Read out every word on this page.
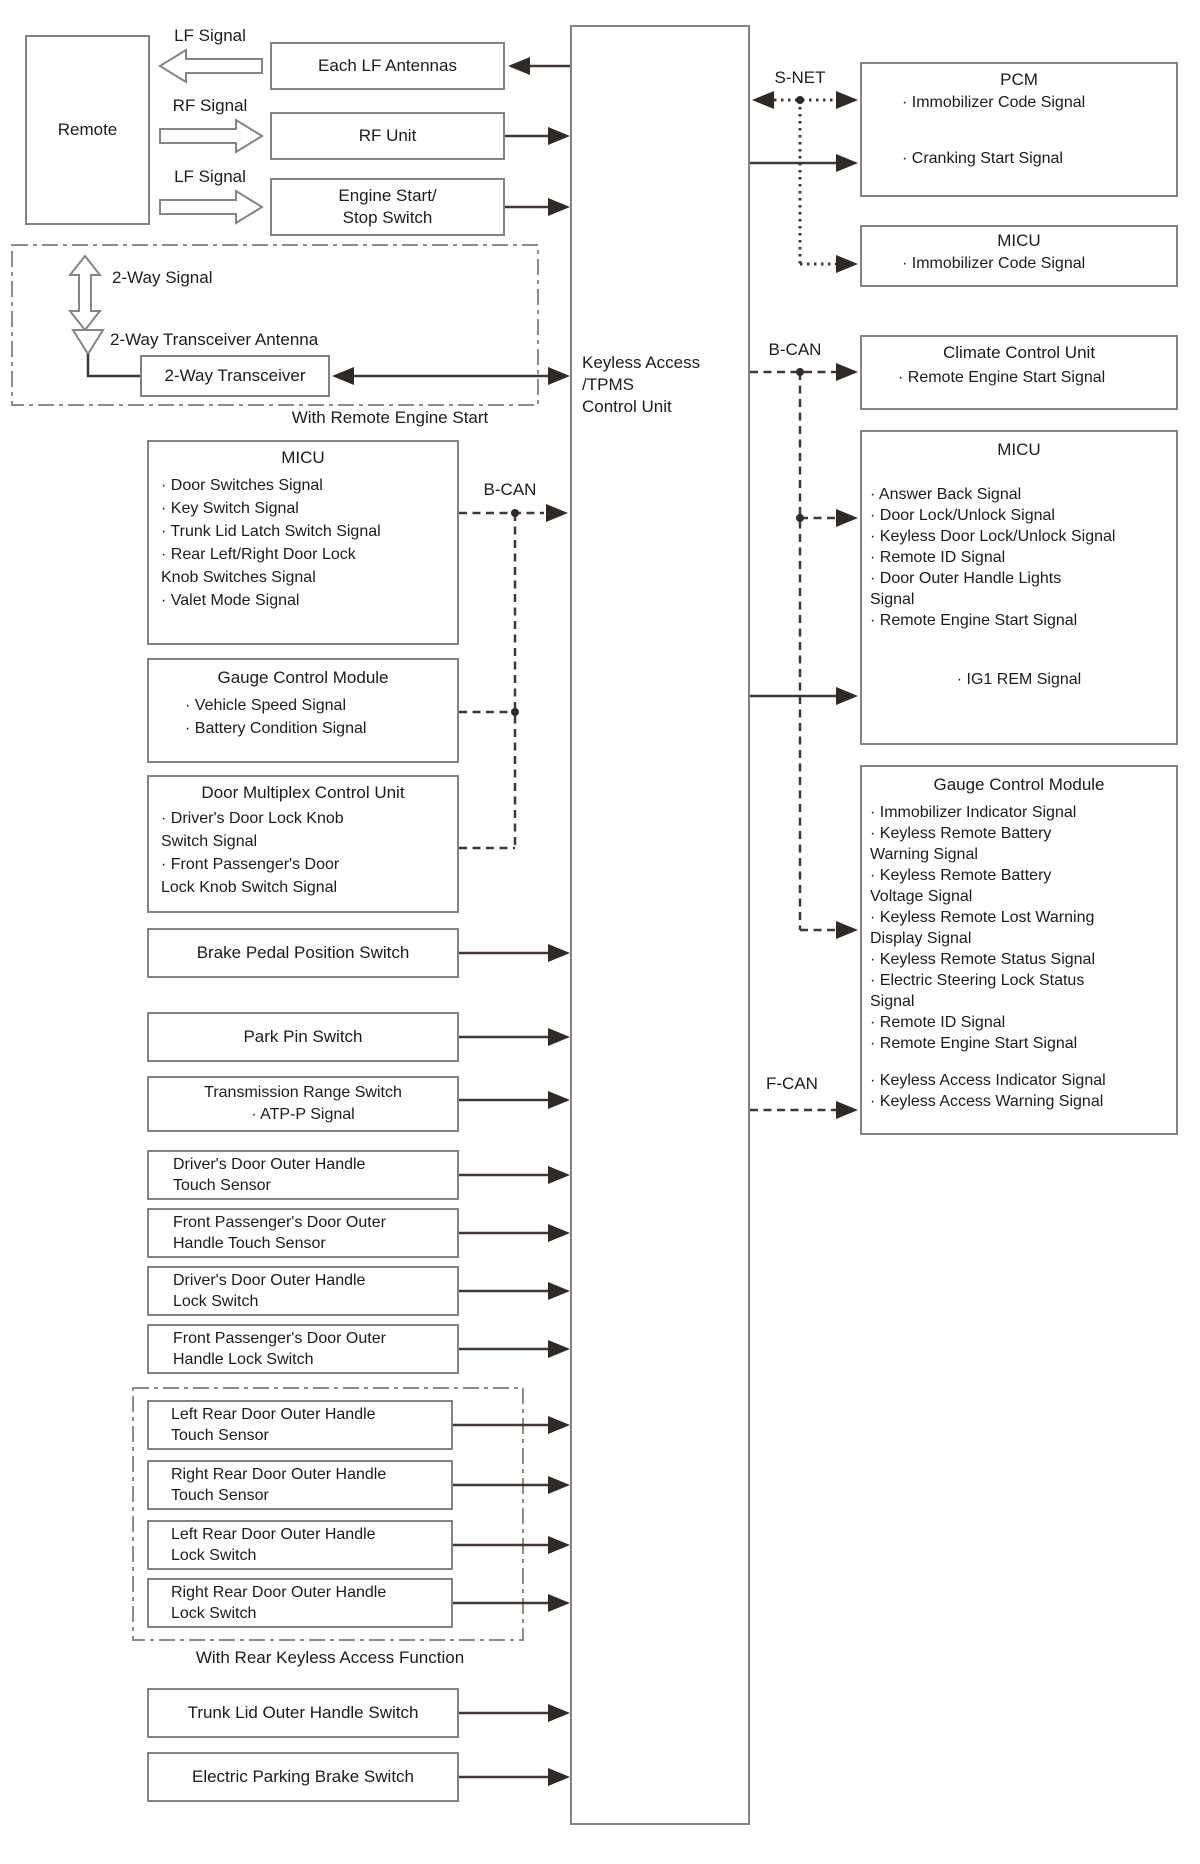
Keyless Access
/TPMS
Control Unit
Remote
LF Signal
RF Signal
LF Signal
Each LF Antennas
RF Unit
Engine Start/
Stop Switch
2-Way Signal
2-Way Transceiver Antenna
2-Way Transceiver
With Remote Engine Start
MICU
· Door Switches Signal
· Key Switch Signal
· Trunk Lid Latch Switch Signal
· Rear Left/Right Door Lock
Knob Switches Signal
· Valet Mode Signal
B-CAN
Gauge Control Module
· Vehicle Speed Signal
· Battery Condition Signal
Door Multiplex Control Unit
· Driver's Door Lock Knob
Switch Signal
· Front Passenger's Door
Lock Knob Switch Signal
Brake Pedal Position Switch
Park Pin Switch
Transmission Range Switch
· ATP-P Signal
Driver's Door Outer Handle
Touch Sensor
Front Passenger's Door Outer
Handle Touch Sensor
Driver's Door Outer Handle
Lock Switch
Front Passenger's Door Outer
Handle Lock Switch
Left Rear Door Outer Handle
Touch Sensor
Right Rear Door Outer Handle
Touch Sensor
Left Rear Door Outer Handle
Lock Switch
Right Rear Door Outer Handle
Lock Switch
With Rear Keyless Access Function
Trunk Lid Outer Handle Switch
Electric Parking Brake Switch
S-NET
B-CAN
F-CAN
PCM
· Immobilizer Code Signal
· Cranking Start Signal
MICU
· Immobilizer Code Signal
Climate Control Unit
· Remote Engine Start Signal
MICU
· Answer Back Signal
· Door Lock/Unlock Signal
· Keyless Door Lock/Unlock Signal
· Remote ID Signal
· Door Outer Handle Lights
Signal
· Remote Engine Start Signal
· IG1 REM Signal
Gauge Control Module
· Immobilizer Indicator Signal
· Keyless Remote Battery
Warning Signal
· Keyless Remote Battery
Voltage Signal
· Keyless Remote Lost Warning
Display Signal
· Keyless Remote Status Signal
· Electric Steering Lock Status
Signal
· Remote ID Signal
· Remote Engine Start Signal
· Keyless Access Indicator Signal
· Keyless Access Warning Signal
